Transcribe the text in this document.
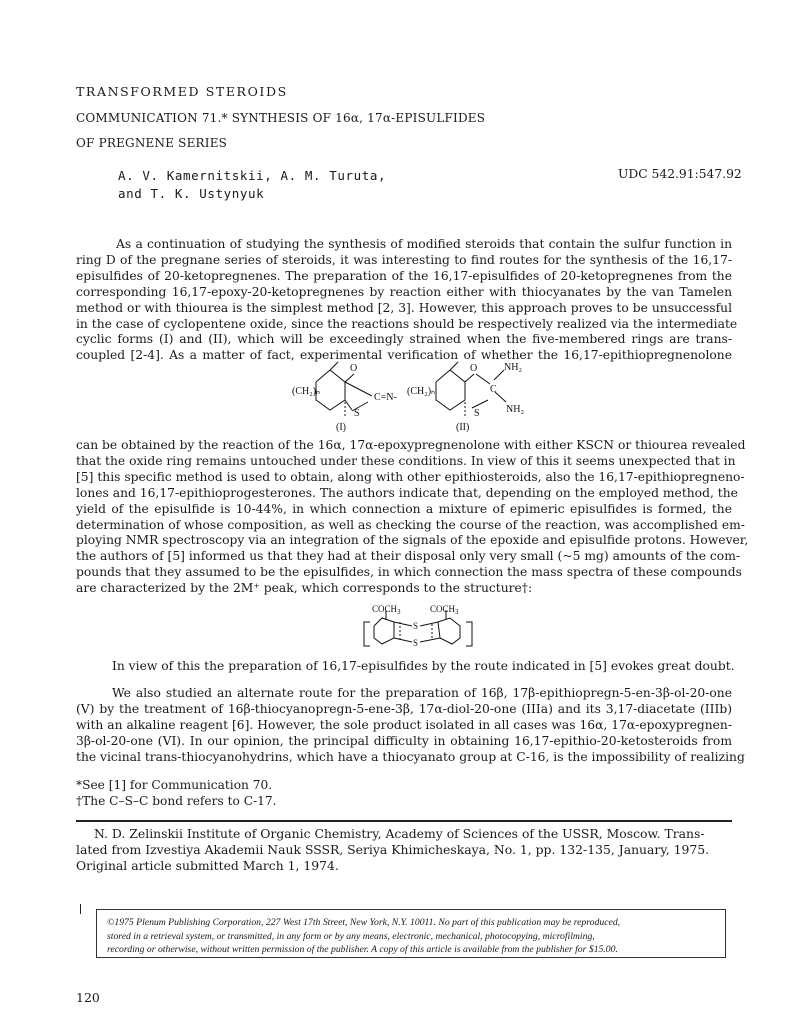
TRANSFORMED STEROIDS
COMMUNICATION 71.* SYNTHESIS OF 16α, 17α-EPISULFIDES
OF PREGNENE SERIES
A. V. Kamernitskii, A. M. Turuta,
and T. K. Ustynyuk
UDC 542.91:547.92
As a continuation of studying the synthesis of modified steroids that contain the sulfur function in
ring D of the pregnane series of steroids, it was interesting to find routes for the synthesis of the 16,17-
episulfides of 20-ketopregnenes. The preparation of the 16,17-episulfides of 20-ketopregnenes from the
corresponding 16,17-epoxy-20-ketopregnenes by reaction either with thiocyanates by the van Tamelen
method or with thiourea is the simplest method [2, 3]. However, this approach proves to be unsuccessful
in the case of cyclopentene oxide, since the reactions should be respectively realized via the intermediate
cyclic forms (I) and (II), which will be exceedingly strained when the five-membered rings are trans-
coupled [2-4]. As a matter of fact, experimental verification of whether the 16,17-epithiopregnenolone
(CH₂)ₙ
O
C=N-
S
(I)
(CH₂)ₙ
O	NH₂
C
S	NH₂
(II)
can be obtained by the reaction of the 16α, 17α-epoxypregnenolone with either KSCN or thiourea revealed
that the oxide ring remains untouched under these conditions. In view of this it seems unexpected that in
[5] this specific method is used to obtain, along with other epithiosteroids, also the 16,17-epithiopregneno-
lones and 16,17-epithioprogesterones. The authors indicate that, depending on the employed method, the
yield of the episulfide is 10-44%, in which connection a mixture of epimeric episulfides is formed, the
determination of whose composition, as well as checking the course of the reaction, was accomplished em-
ploying NMR spectroscopy via an integration of the signals of the epoxide and episulfide protons. However,
the authors of [5] informed us that they had at their disposal only very small (~5 mg) amounts of the com-
pounds that they assumed to be the episulfides, in which connection the mass spectra of these compounds
are characterized by the 2M⁺ peak, which corresponds to the structure†:
$COCH_3$	$COCH_3$
S
S
In view of this the preparation of 16,17-episulfides by the route indicated in [5] evokes great doubt.
We also studied an alternate route for the preparation of 16β, 17β-epithiopregn-5-en-3β-ol-20-one
(V) by the treatment of 16β-thiocyanopregn-5-ene-3β, 17α-diol-20-one (IIIa) and its 3,17-diacetate (IIIb)
with an alkaline reagent [6]. However, the sole product isolated in all cases was 16α, 17α-epoxypregnen-
3β-ol-20-one (VI). In our opinion, the principal difficulty in obtaining 16,17-epithio-20-ketosteroids from
the vicinal trans-thiocyanohydrins, which have a thiocyanato group at C-16, is the impossibility of realizing
*See [1] for Communication 70.
†The C–S–C bond refers to C-17.
N. D. Zelinskii Institute of Organic Chemistry, Academy of Sciences of the USSR, Moscow. Trans-
lated from Izvestiya Akademii Nauk SSSR, Seriya Khimicheskaya, No. 1, pp. 132-135, January, 1975.
Original article submitted March 1, 1974.
©1975 Plenum Publishing Corporation, 227 West 17th Street, New York, N.Y. 10011. No part of this publication may be reproduced,
stored in a retrieval system, or transmitted, in any form or by any means, electronic, mechanical, photocopying, microfilming,
recording or otherwise, without written permission of the publisher. A copy of this article is available from the publisher for $15.00.
120
